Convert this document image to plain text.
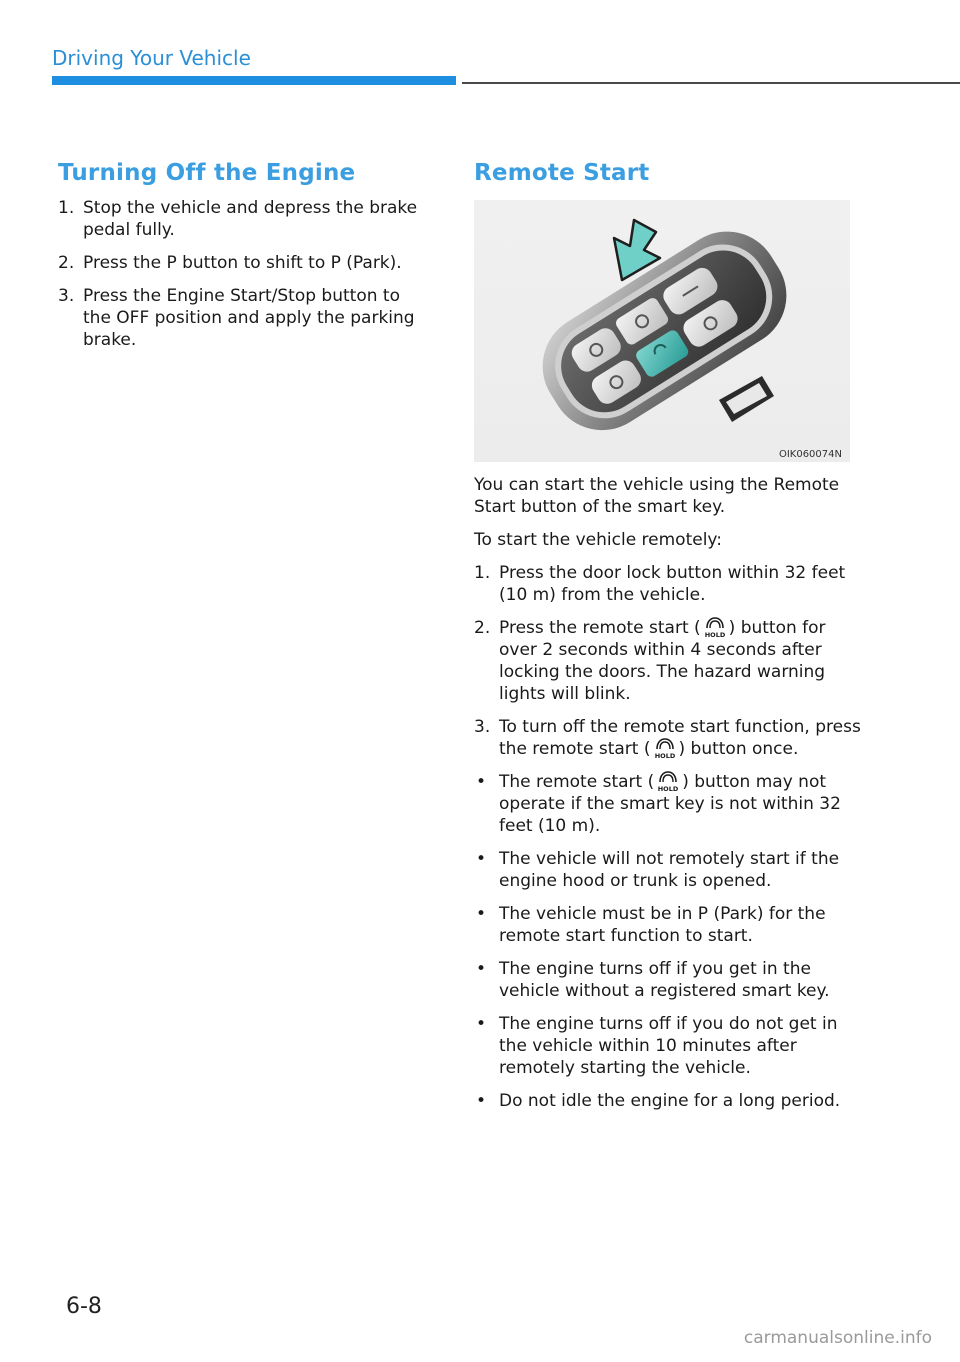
Driving Your Vehicle
Turning Off the Engine
1. Stop the vehicle and depress the brake pedal fully.
2. Press the P button to shift to P (Park).
3. Press the Engine Start/Stop button to the OFF position and apply the parking brake.
Remote Start
OIK060074N

You can start the vehicle using the Remote Start button of the smart key.

To start the vehicle remotely:

1. Press the door lock button within 32 feet (10 m) from the vehicle.
2. Press the remote start ( HOLD ) button for over 2 seconds within 4 seconds after locking the doors. The hazard warning lights will blink.
3. To turn off the remote start function, press the remote start ( HOLD ) button once.
• The remote start ( HOLD ) button may not operate if the smart key is not within 32 feet (10 m).
• The vehicle will not remotely start if the engine hood or trunk is opened.
• The vehicle must be in P (Park) for the remote start function to start.
• The engine turns off if you get in the vehicle without a registered smart key.
• The engine turns off if you do not get in the vehicle within 10 minutes after remotely starting the vehicle.
• Do not idle the engine for a long period.
6-8
carmanualsonline.info
